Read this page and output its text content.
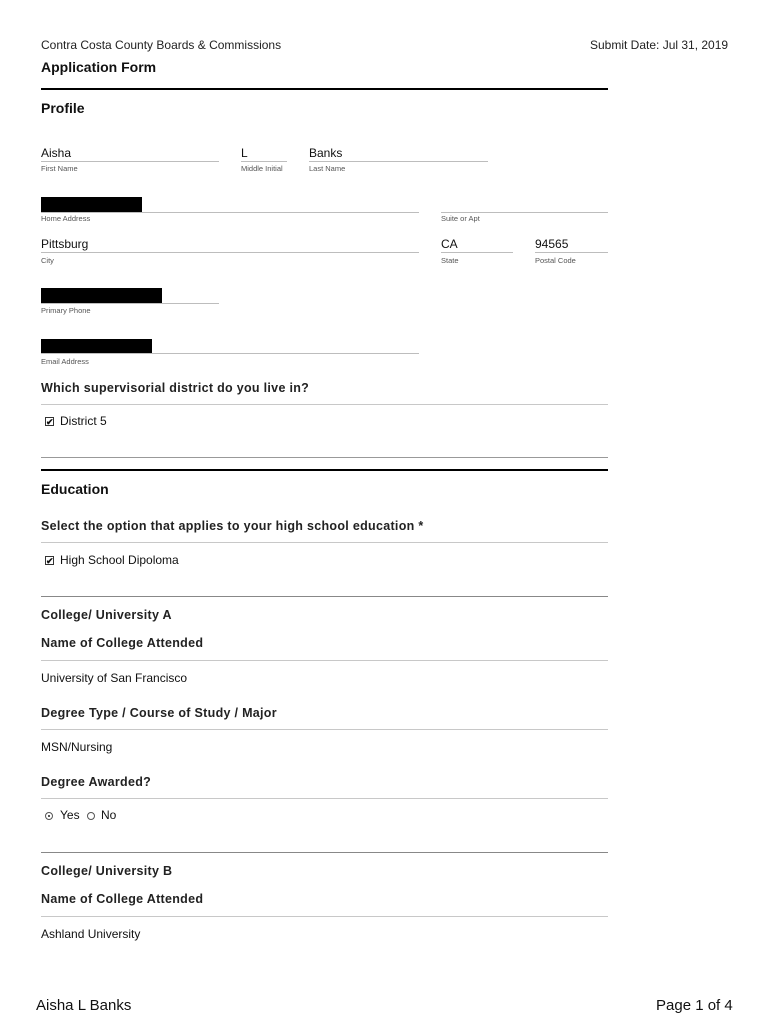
Contra Costa County Boards & Commissions	Submit Date: Jul 31, 2019
Application Form
Profile
Aisha
First Name
L
Middle Initial
Banks
Last Name
Home Address	Suite or Apt
Pittsburg
City
CA
State
94565
Postal Code
Primary Phone
Email Address
Which supervisorial district do you live in?
✔ District 5
Education
Select the option that applies to your high school education *
✔ High School Dipoloma
College/ University A
Name of College Attended
University of San Francisco
Degree Type / Course of Study / Major
MSN/Nursing
Degree Awarded?
Yes No
College/ University B
Name of College Attended
Ashland University
Aisha L Banks	Page 1 of 4
